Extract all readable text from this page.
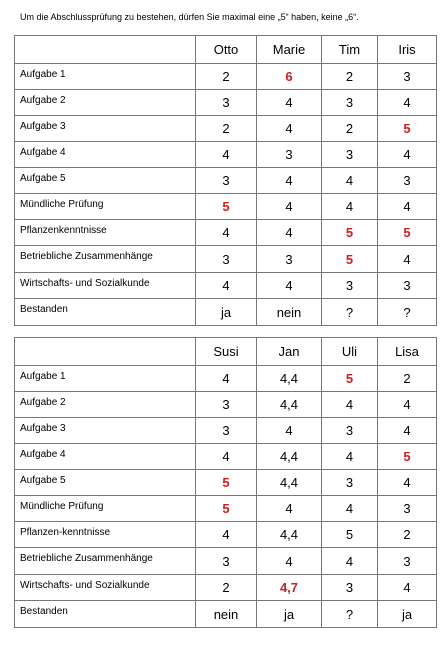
Um die Abschlussprüfung zu bestehen, dürfen Sie maximal eine „5“ haben, keine „6“.
	Otto	Marie	Tim	Iris
Aufgabe 1	2	6	2	3
Aufgabe 2	3	4	3	4
Aufgabe 3	2	4	2	5
Aufgabe 4	4	3	3	4
Aufgabe 5	3	4	4	3
Mündliche Prüfung	5	4	4	4
Pflanzenkenntnisse	4	4	5	5
Betriebliche Zusammenhänge	3	3	5	4
Wirtschafts- und Sozialkunde	4	4	3	3
Bestanden	ja	nein	?	?
	Susi	Jan	Uli	Lisa
Aufgabe 1	4	4,4	5	2
Aufgabe 2	3	4,4	4	4
Aufgabe 3	3	4	3	4
Aufgabe 4	4	4,4	4	5
Aufgabe 5	5	4,4	3	4
Mündliche Prüfung	5	4	4	3
Pflanzen-kenntnisse	4	4,4	5	2
Betriebliche Zusammenhänge	3	4	4	3
Wirtschafts- und Sozialkunde	2	4,7	3	4
Bestanden	nein	ja	?	ja
